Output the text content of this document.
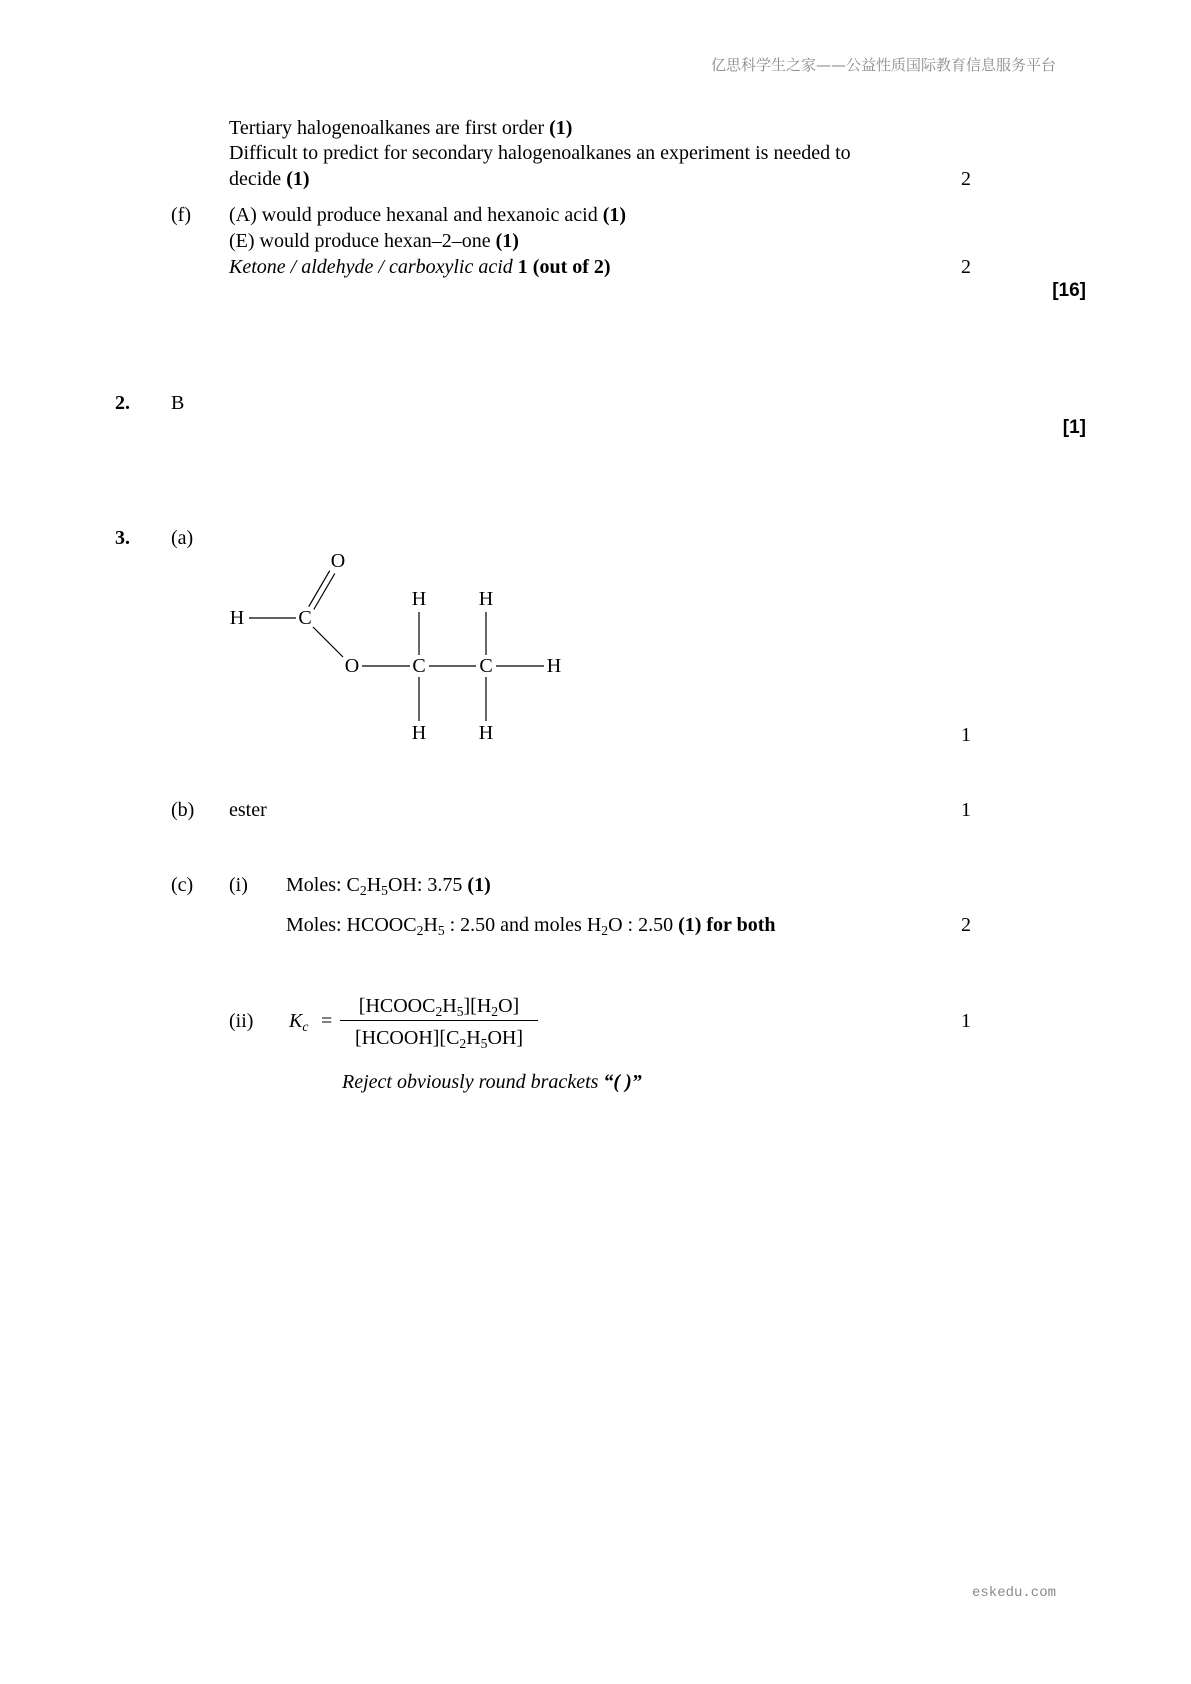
亿思科学生之家——公益性质国际教育信息服务平台
Tertiary halogenoalkanes are first order (1)
Difficult to predict for secondary halogenoalkanes an experiment is needed to
decide (1)	2
(f) (A) would produce hexanal and hexanoic acid (1)
(E) would produce hexan–2–one (1)
Ketone / aldehyde / carboxylic acid 1 (out of 2)	2
[16]
2. B
[1]
3. (a)
O
H	C
H	H
O	C	C	H
H	H	1
(b) ester	1
(c) (i) Moles: $C_2H_5OH$: 3.75 (1)
Moles: $HCOOC_2H_5$ : 2.50 and moles $H_2O$ : 2.50 (1) for both	2
(ii) $K_c$ =
$[HCOOC_2H_5][H_2O]$
$[HCOOH][C_2H_5OH]$
1
Reject obviously round brackets “( )”
eskedu.com
